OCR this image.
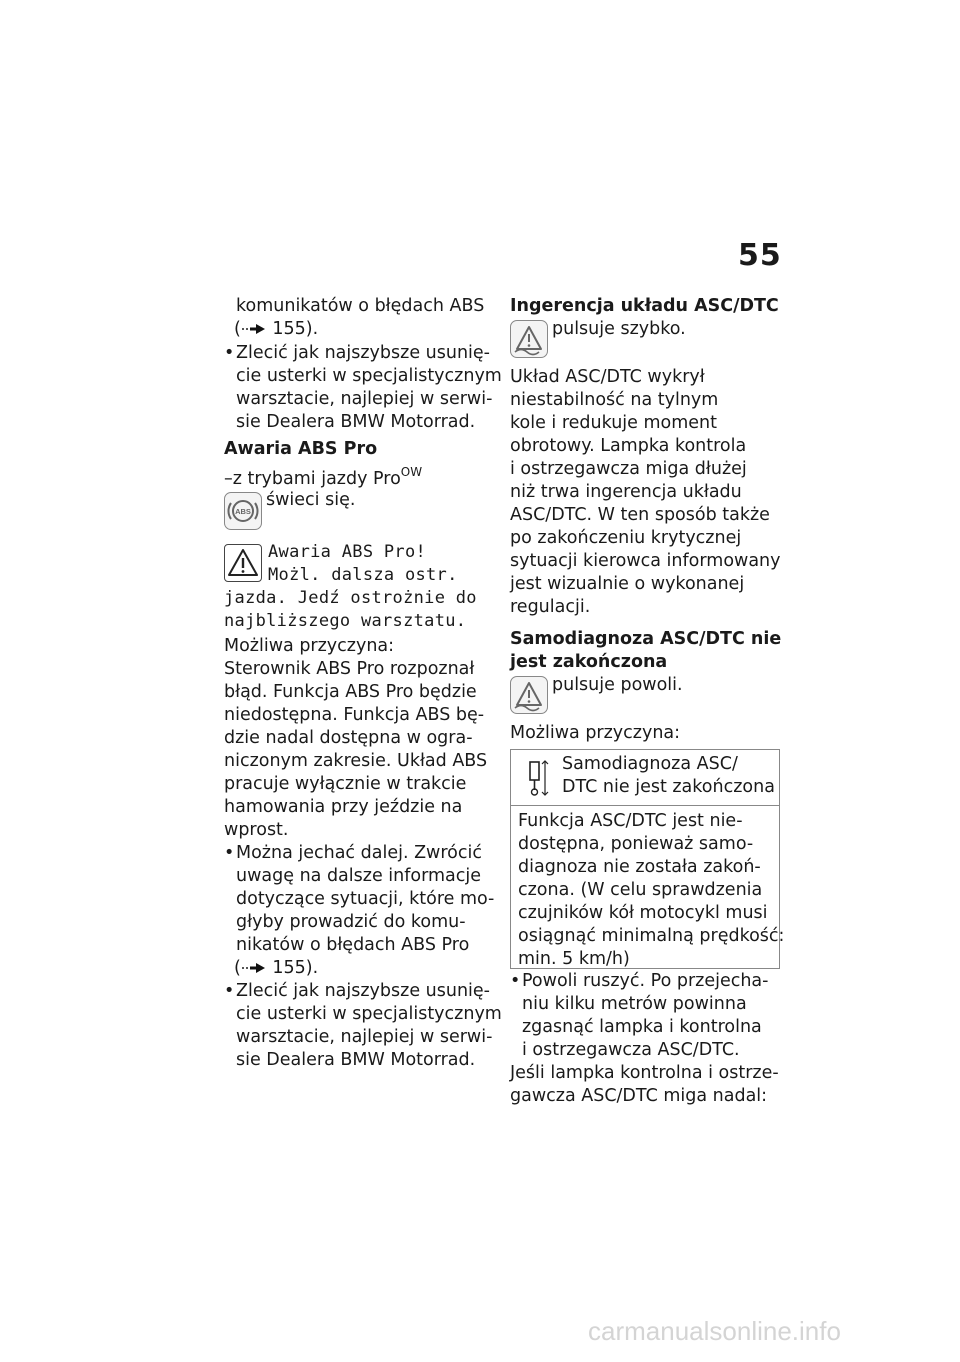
55
komunikatów o błędach ABS
( 155).
• Zlecić jak najszybsze usunię-
cie usterki w specjalistycznym
warsztacie, najlepiej w serwi-
sie Dealera BMW Motorrad.
Awaria ABS Pro
–z trybami jazdy Pro$^{OW}$
ABS
świeci się.
Awaria ABS Pro!
Możl. dalsza ostr.
jazda. Jedź ostrożnie do
najbliższego warsztatu.
Możliwa przyczyna:
Sterownik ABS Pro rozpoznał
błąd. Funkcja ABS Pro będzie
niedostępna. Funkcja ABS bę-
dzie nadal dostępna w ogra-
niczonym zakresie. Układ ABS
pracuje wyłącznie w trakcie
hamowania przy jeździe na
wprost.
• Można jechać dalej. Zwrócić
uwagę na dalsze informacje
dotyczące sytuacji, które mo-
głyby prowadzić do komu-
nikatów o błędach ABS Pro
( 155).
• Zlecić jak najszybsze usunię-
cie usterki w specjalistycznym
warsztacie, najlepiej w serwi-
sie Dealera BMW Motorrad.
Ingerencja układu ASC/DTC
pulsuje szybko.
Układ ASC/DTC wykrył
niestabilność na tylnym
kole i redukuje moment
obrotowy. Lampka kontrola
i ostrzegawcza miga dłużej
niż trwa ingerencja układu
ASC/DTC. W ten sposób także
po zakończeniu krytycznej
sytuacji kierowca informowany
jest wizualnie o wykonanej
regulacji.
Samodiagnoza ASC/DTC nie
jest zakończona
pulsuje powoli.
Możliwa przyczyna:
Samodiagnoza ASC/
DTC nie jest zakończona
Funkcja ASC/DTC jest nie-
dostępna, ponieważ samo-
diagnoza nie została zakoń-
czona. (W celu sprawdzenia
czujników kół motocykl musi
osiągnąć minimalną prędkość:
min. 5 km/h)
• Powoli ruszyć. Po przejecha-
niu kilku metrów powinna
zgasnąć lampka i kontrolna
i ostrzegawcza ASC/DTC.
Jeśli lampka kontrolna i ostrze-
gawcza ASC/DTC miga nadal:
carmanualsonline.info
